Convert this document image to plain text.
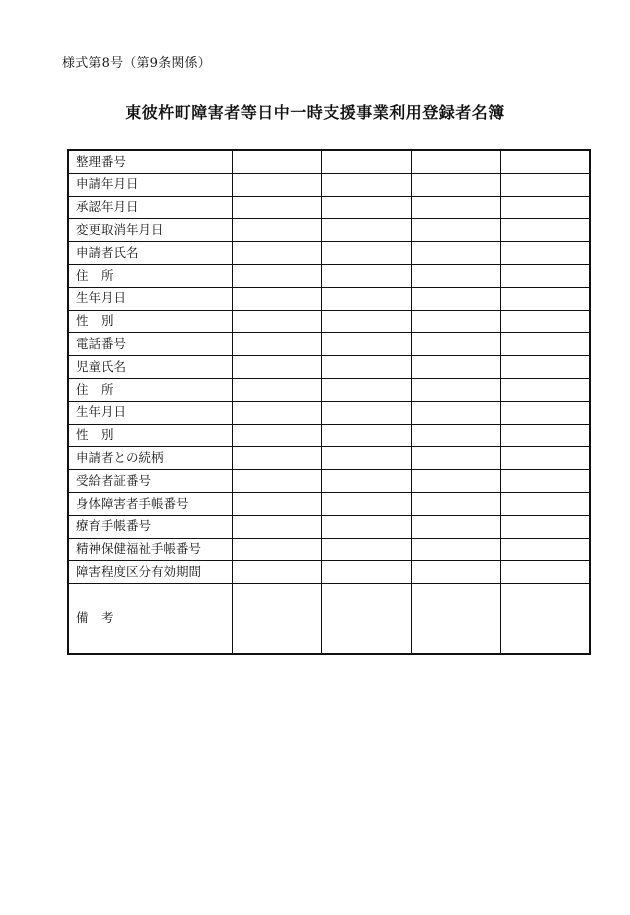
様式第8号（第9条関係）
東彼杵町障害者等日中一時支援事業利用登録者名簿
整理番号				
申請年月日				
承認年月日				
変更取消年月日				
申請者氏名				
住　所				
生年月日				
性　別				
電話番号				
児童氏名				
住　所				
生年月日				
性　別				
申請者との続柄				
受給者証番号				
身体障害者手帳番号				
療育手帳番号				
精神保健福祉手帳番号				
障害程度区分有効期間				
備　考				
